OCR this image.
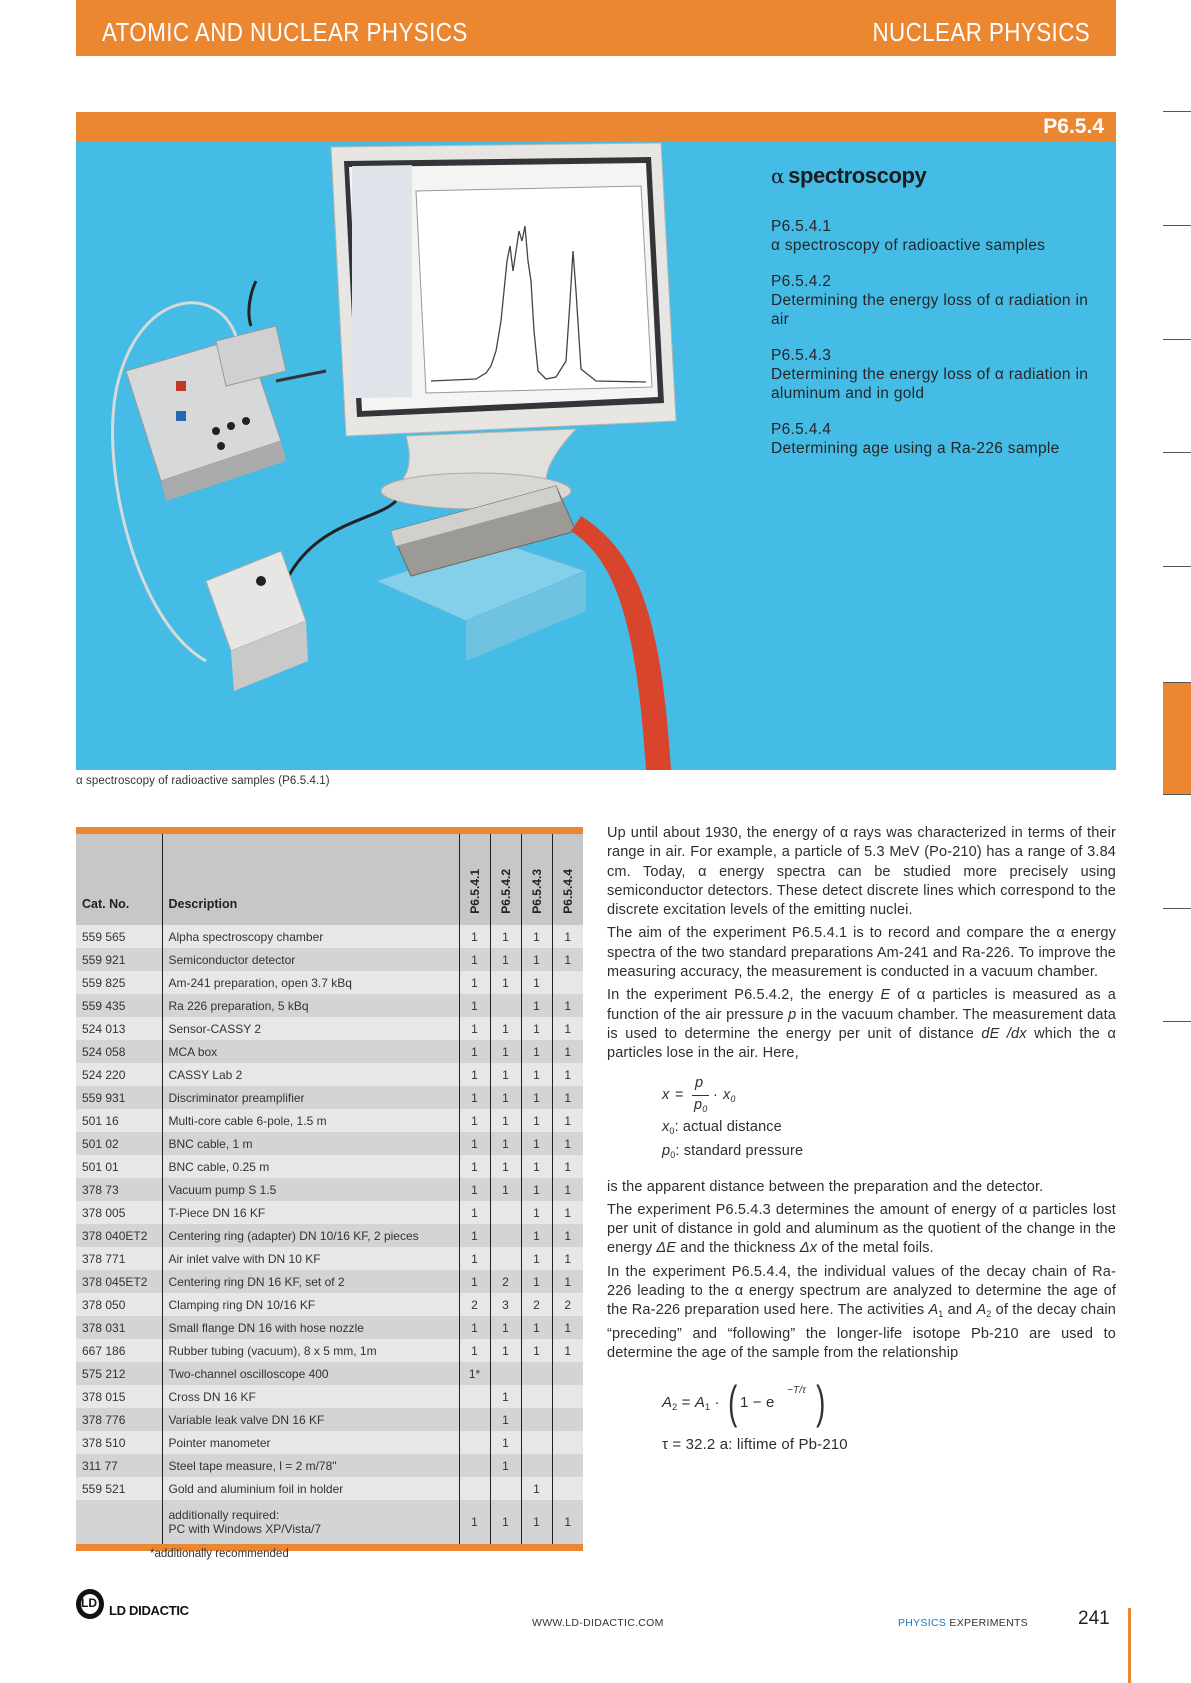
ATOMIC AND NUCLEAR PHYSICS	NUCLEAR PHYSICS
P6.5.4
α spectroscopy
P6.5.4.1
α spectroscopy of radioactive samples
P6.5.4.2
Determining the energy loss of α radiation in air
P6.5.4.3
Determining the energy loss of α radiation in aluminum and in gold
P6.5.4.4
Determining age using a Ra-226 sample
α spectroscopy of radioactive samples (P6.5.4.1)
Cat. No.	Description	P6.5.4.1	P6.5.4.2	P6.5.4.3	P6.5.4.4
559 565	Alpha spectroscopy chamber	1	1	1	1
559 921	Semiconductor detector	1	1	1	1
559 825	Am-241 preparation, open 3.7 kBq	1	1	1	
559 435	Ra 226 preparation, 5 kBq	1		1	1
524 013	Sensor-CASSY 2	1	1	1	1
524 058	MCA box	1	1	1	1
524 220	CASSY Lab 2	1	1	1	1
559 931	Discriminator preamplifier	1	1	1	1
501 16	Multi-core cable 6-pole, 1.5 m	1	1	1	1
501 02	BNC cable, 1 m	1	1	1	1
501 01	BNC cable, 0.25 m	1	1	1	1
378 73	Vacuum pump S 1.5	1	1	1	1
378 005	T-Piece DN 16 KF	1		1	1
378 040ET2	Centering ring (adapter) DN 10/16 KF, 2 pieces	1		1	1
378 771	Air inlet valve with DN 10 KF	1		1	1
378 045ET2	Centering ring DN 16 KF, set of 2	1	2	1	1
378 050	Clamping ring DN 10/16 KF	2	3	2	2
378 031	Small flange DN 16 with hose nozzle	1	1	1	1
667 186	Rubber tubing (vacuum), 8 x 5 mm, 1m	1	1	1	1
575 212	Two-channel oscilloscope 400	1*			
378 015	Cross DN 16 KF		1		
378 776	Variable leak valve DN 16 KF		1		
378 510	Pointer manometer		1		
311 77	Steel tape measure, l = 2 m/78"		1		
559 521	Gold and aluminium foil in holder			1	

	additionally required:
PC with Windows XP/Vista/7	1	1	1	1
*additionally recommended

Up until about 1930, the energy of α rays was characterized in terms of their range in air. For example, a particle of 5.3 MeV (Po-210) has a range of 3.84 cm. Today, α energy spectra can be studied more precisely using semiconductor detectors. These detect discrete lines which correspond to the discrete excitation levels of the emitting nuclei.

The aim of the experiment P6.5.4.1 is to record and compare the α energy spectra of the two standard preparations Am-241 and Ra-226. To improve the measuring accuracy, the measurement is conducted in a vacuum chamber.

In the experiment P6.5.4.2, the energy E of α particles is measured as a function of the air pressure p in the vacuum chamber. The measurement data is used to determine the energy per unit of distance dE /dx which the α particles lose in the air. Here,

x =
p
$p_0$
· $x_0$
$x_0$: actual distance
$p_0$: standard pressure

is the apparent distance between the preparation and the detector.

The experiment P6.5.4.3 determines the amount of energy of α particles lost per unit of distance in gold and aluminum as the quotient of the change in the energy ΔE and the thickness Δx of the metal foils.

In the experiment P6.5.4.4, the individual values of the decay chain of Ra-226 leading to the α energy spectrum are analyzed to determine the age of the Ra-226 preparation used here. The activities $A_1$ and $A_2$ of the decay chain “preceding” and “following” the longer-life isotope Pb-210 are used to determine the age of the sample from the relationship

$A_2 = A_1$ · ( 1 − e
−T/τ )
τ = 32.2 a: liftime of Pb-210
LD LD DIDACTIC
WWW.LD-DIDACTIC.COM	PHYSICS EXPERIMENTS	241
